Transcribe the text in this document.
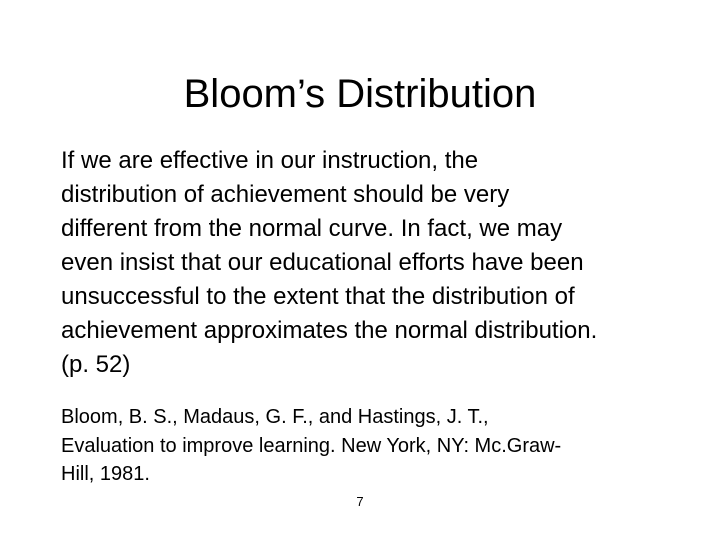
Bloom’s Distribution

If we are effective in our instruction, the
distribution of achievement should be very
different from the normal curve. In fact, we may
even insist that our educational efforts have been
unsuccessful to the extent that the distribution of
achievement approximates the normal distribution.
(p. 52)

Bloom, B. S., Madaus, G. F., and Hastings, J. T.,
Evaluation to improve learning. New York, NY: Mc.Graw-
Hill, 1981.

7
